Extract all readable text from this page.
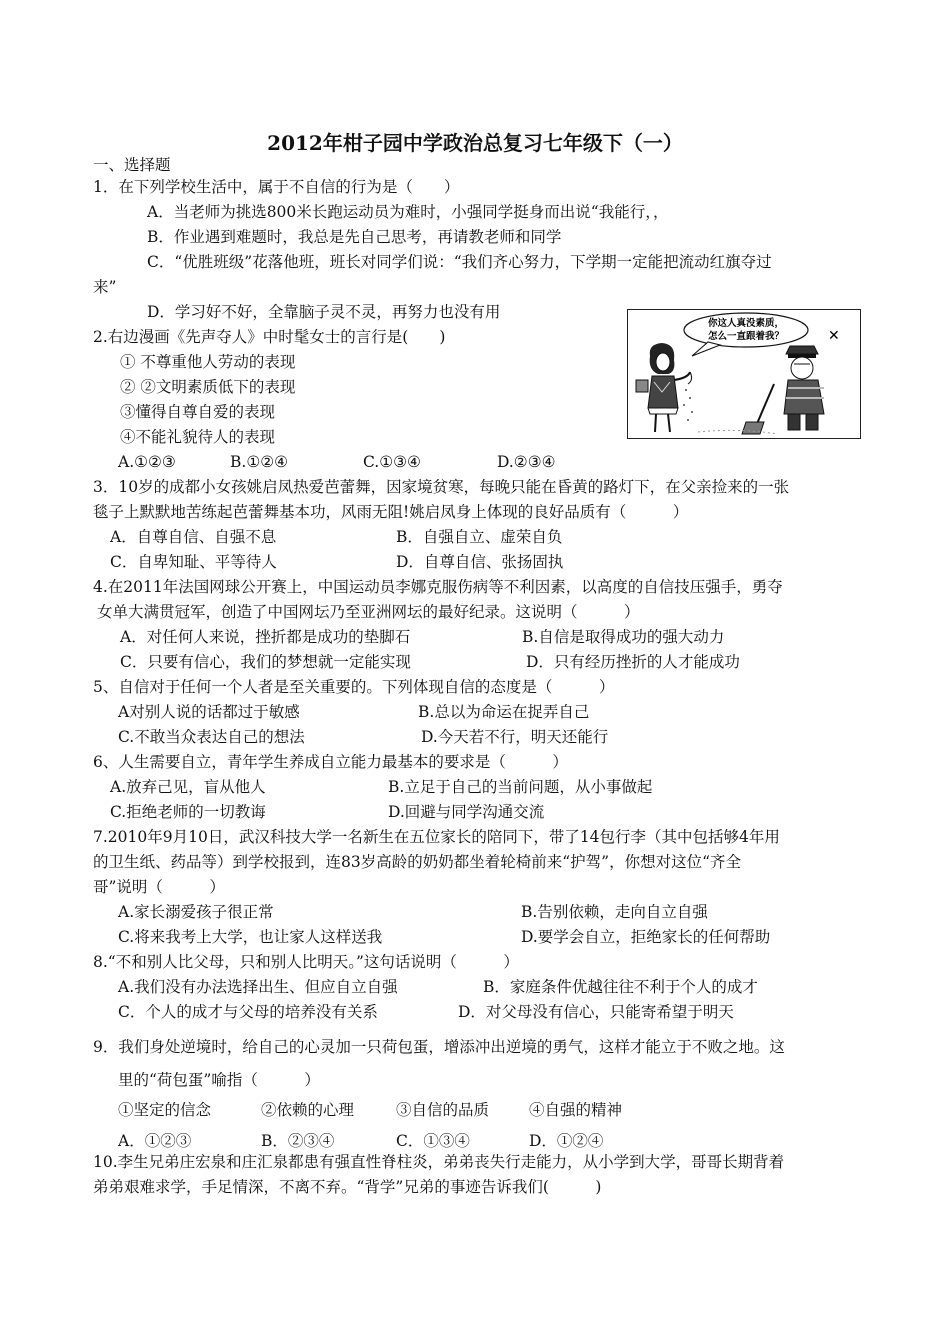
2012年柑子园中学政治总复习七年级下（一）
一、选择题
1．在下列学校生活中，属于不自信的行为是（　　）
A．当老师为挑选800米长跑运动员为难时，小强同学挺身而出说“我能行，，
B．作业遇到难题时，我总是先自己思考，再请教老师和同学
C．“优胜班级”花落他班，班长对同学们说：“我们齐心努力，下学期一定能把流动红旗夺过
来”
D．学习好不好，全靠脑子灵不灵，再努力也没有用
2.右边漫画《先声夺人》中时髦女士的言行是(　　)
① 不尊重他人劳动的表现
② ②文明素质低下的表现
③懂得自尊自爱的表现
④不能礼貌待人的表现
A.①②③	B.①②④	C.①③④	D.②③④
你这人真没素质，
怎么一直跟着我？	✕
3．10岁的成都小女孩姚启凤热爱芭蕾舞，因家境贫寒，每晚只能在昏黄的路灯下，在父亲捡来的一张
毯子上默默地苦练起芭蕾舞基本功，风雨无阻!姚启凤身上体现的良好品质有（　　　）
A．自尊自信、自强不息	B．自强自立、虚荣自负
C．自卑知耻、平等待人	D．自尊自信、张扬固执
4.在2011年法国网球公开赛上，中国运动员李娜克服伤病等不利因素，以高度的自信技压强手，勇夺
女单大满贯冠军，创造了中国网坛乃至亚洲网坛的最好纪录。这说明（　　　）
A．对任何人来说，挫折都是成功的垫脚石	B.自信是取得成功的强大动力
C．只要有信心，我们的梦想就一定能实现	D．只有经历挫折的人才能成功
5、自信对于任何一个人者是至关重要的。下列体现自信的态度是（　　　）
A对别人说的话都过于敏感	B.总以为命运在捉弄自己
C.不敢当众表达自己的想法	D.今天若不行，明天还能行
6、人生需要自立，青年学生养成自立能力最基本的要求是（　　　）
A.放弃己见，盲从他人	B.立足于自己的当前问题，从小事做起
C.拒绝老师的一切教诲	D.回避与同学沟通交流
7.2010年9月10日，武汉科技大学一名新生在五位家长的陪同下，带了14包行李（其中包括够4年用
的卫生纸、药品等）到学校报到，连83岁高龄的奶奶都坐着轮椅前来“护驾”，你想对这位“齐全
哥”说明（　　　）
A.家长溺爱孩子很正常	B.告别依赖，走向自立自强
C.将来我考上大学，也让家人这样送我	D.要学会自立，拒绝家长的任何帮助
8.“不和别人比父母，只和别人比明天。”这句话说明（　　　）
A.我们没有办法选择出生、但应自立自强	B．家庭条件优越往往不利于个人的成才
C．个人的成才与父母的培养没有关系	D．对父母没有信心，只能寄希望于明天
9．我们身处逆境时，给自己的心灵加一只荷包蛋，增添冲出逆境的勇气，这样才能立于不败之地。这
里的“荷包蛋”喻指（　　　）
①坚定的信念	②依赖的心理	③自信的品质	④自强的精神
A．①②③	B．②③④	C．①③④	D．①②④
10.李生兄弟庄宏泉和庄汇泉都患有强直性脊柱炎，弟弟丧失行走能力，从小学到大学，哥哥长期背着
弟弟艰难求学，手足情深，不离不弃。“背学”兄弟的事迹告诉我们(　　　)
